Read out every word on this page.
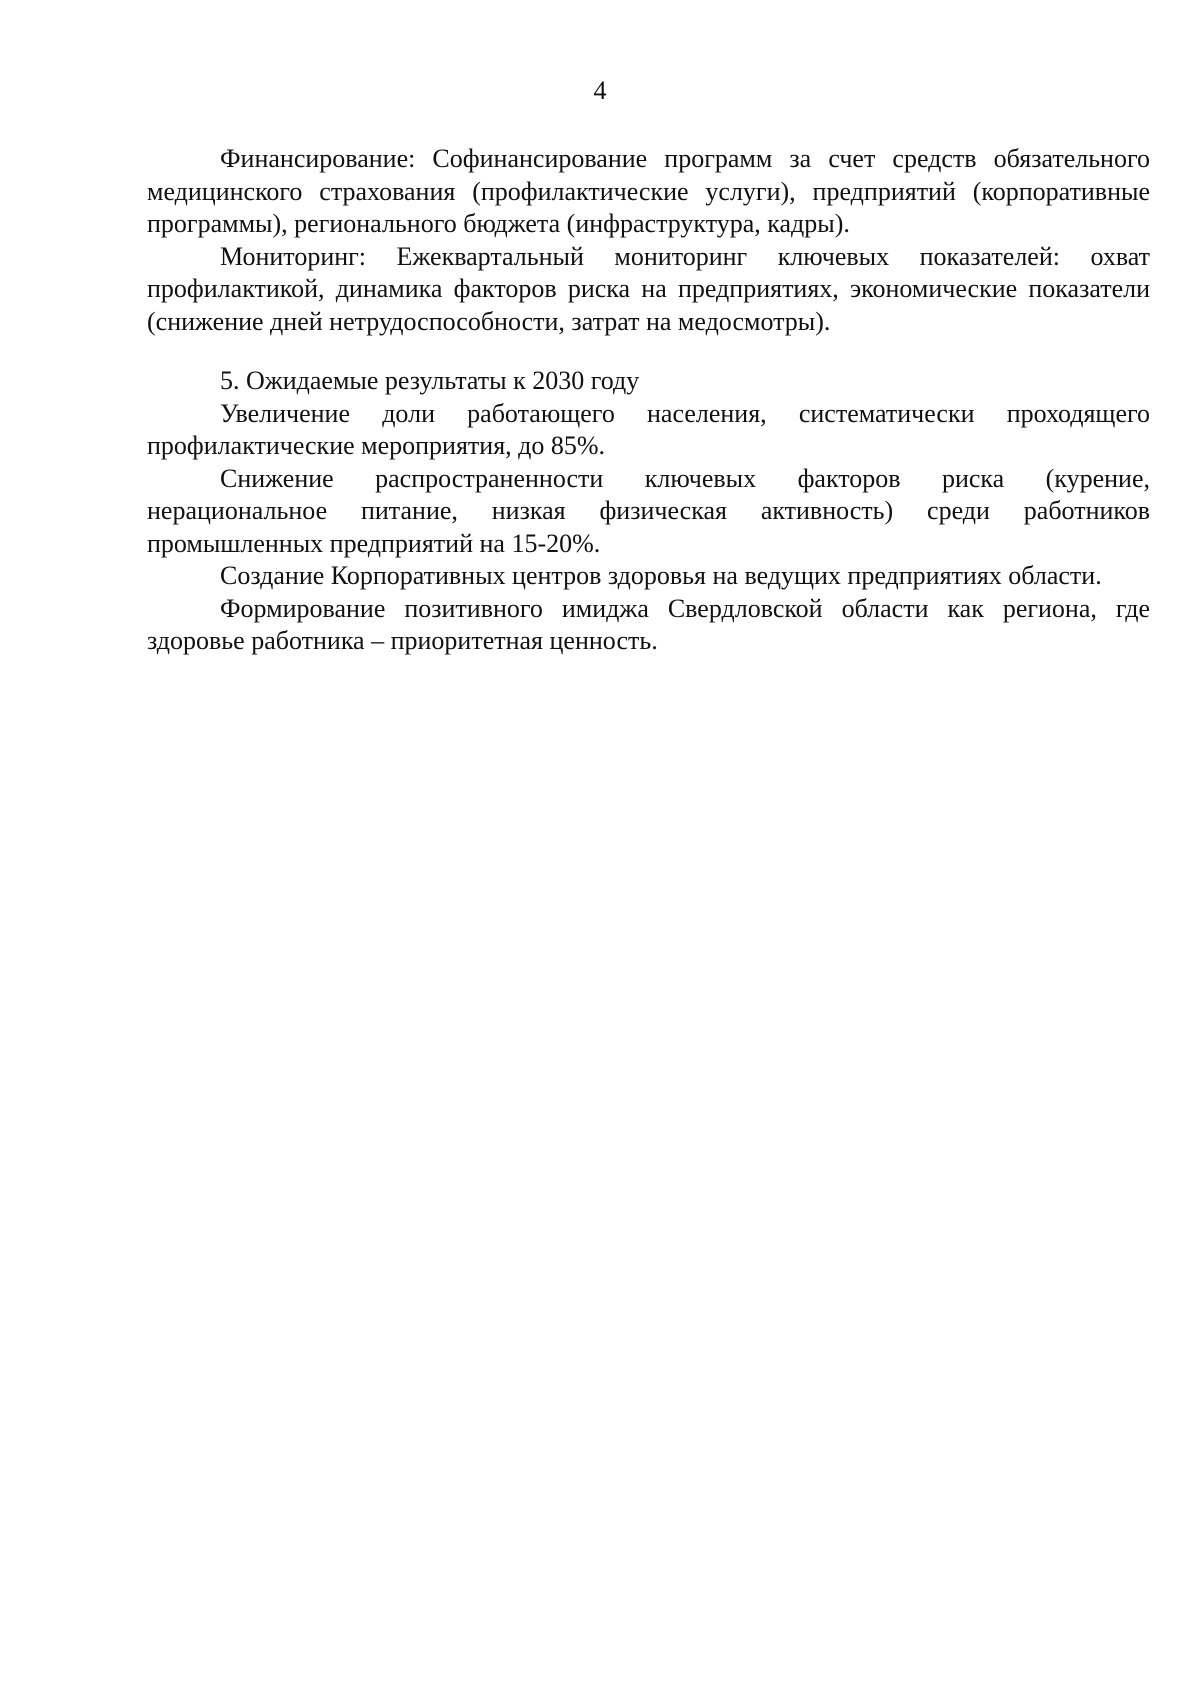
4

Финансирование: Софинансирование программ за счет средств обязательного медицинского страхования (профилактические услуги), предприятий (корпоративные программы), регионального бюджета (инфраструктура, кадры).

Мониторинг: Ежеквартальный мониторинг ключевых показателей: охват профилактикой, динамика факторов риска на предприятиях, экономические показатели (снижение дней нетрудоспособности, затрат на медосмотры).

5. Ожидаемые результаты к 2030 году

Увеличение доли работающего населения, систематически проходящего профилактические мероприятия, до 85%.

Снижение распространенности ключевых факторов риска (курение, нерациональное питание, низкая физическая активность) среди работников промышленных предприятий на 15-20%.

Создание Корпоративных центров здоровья на ведущих предприятиях области.

Формирование позитивного имиджа Свердловской области как региона, где здоровье работника – приоритетная ценность.
